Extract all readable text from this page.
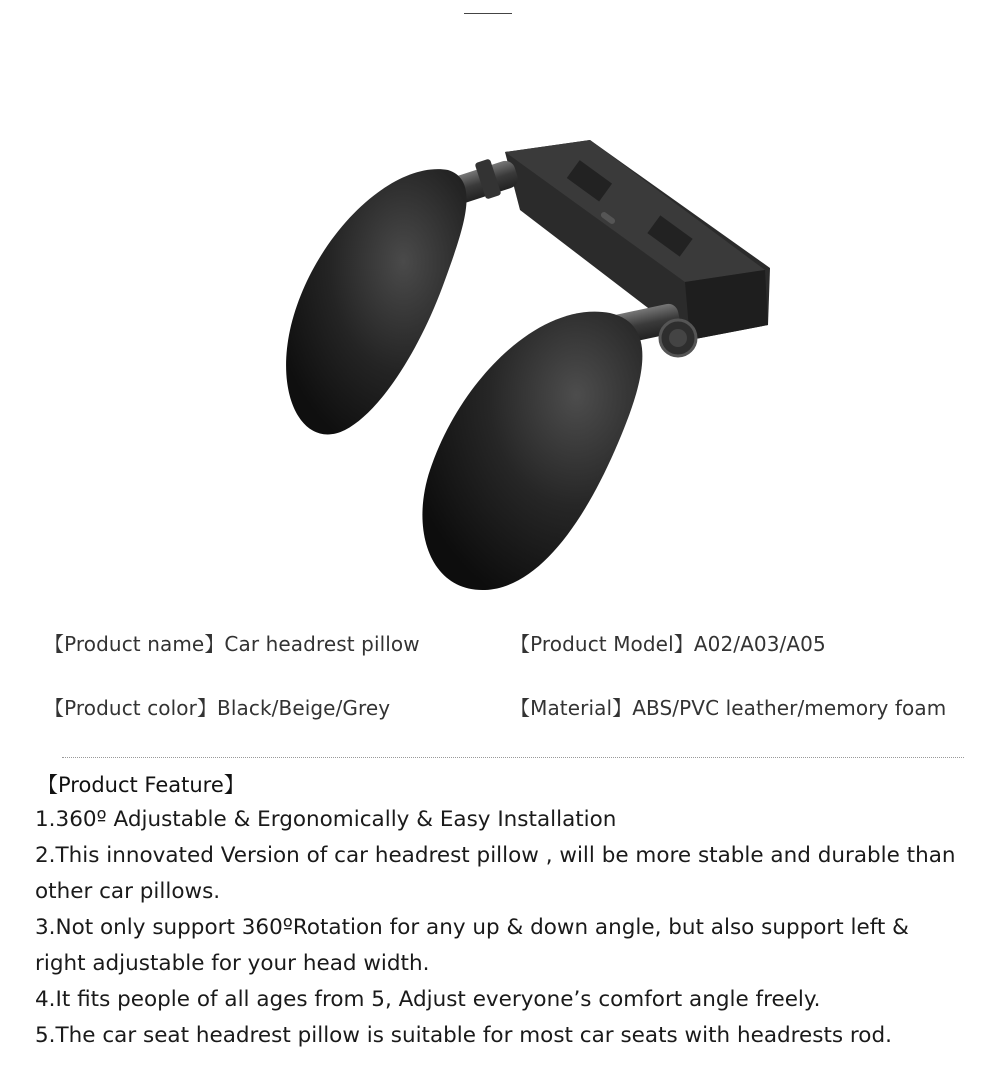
【Product name】Car headrest pillow	【Product Model】A02/A03/A05
【Product color】Black/Beige/Grey	【Material】ABS/PVC leather/memory foam
【Product Feature】

1.360º Adjustable & Ergonomically & Easy Installation

2.This innovated Version of car headrest pillow , will be more stable and durable than other car pillows.

3.Not only support 360ºRotation for any up & down angle, but also support left & right adjustable for your head width.

4.It fits people of all ages from 5, Adjust everyone’s comfort angle freely.

5.The car seat headrest pillow is suitable for most car seats with headrests rod.
